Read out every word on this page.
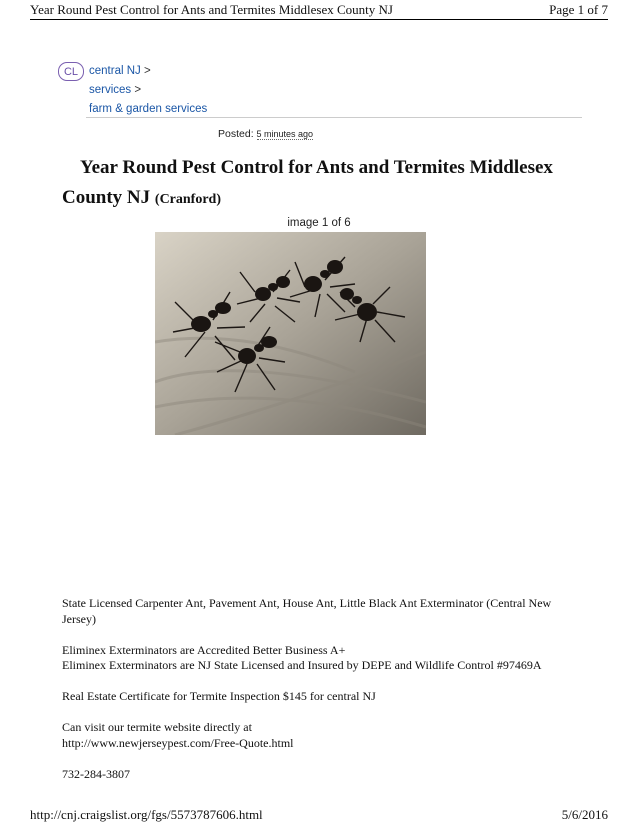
Year Round Pest Control for Ants and Termites Middlesex County NJ	Page 1 of 7
CL central NJ >
services >
farm & garden services
Posted: 5 minutes ago
Year Round Pest Control for Ants and Termites Middlesex County NJ (Cranford)
image 1 of 6

State Licensed Carpenter Ant, Pavement Ant, House Ant, Little Black Ant Exterminator (Central New Jersey)

Eliminex Exterminators are Accredited Better Business A+
Eliminex Exterminators are NJ State Licensed and Insured by DEPE and Wildlife Control #97469A

Real Estate Certificate for Termite Inspection $145 for central NJ

Can visit our termite website directly at
http://www.newjerseypest.com/Free-Quote.html

732-284-3807

http://cnj.craigslist.org/fgs/5573787606.html	5/6/2016
